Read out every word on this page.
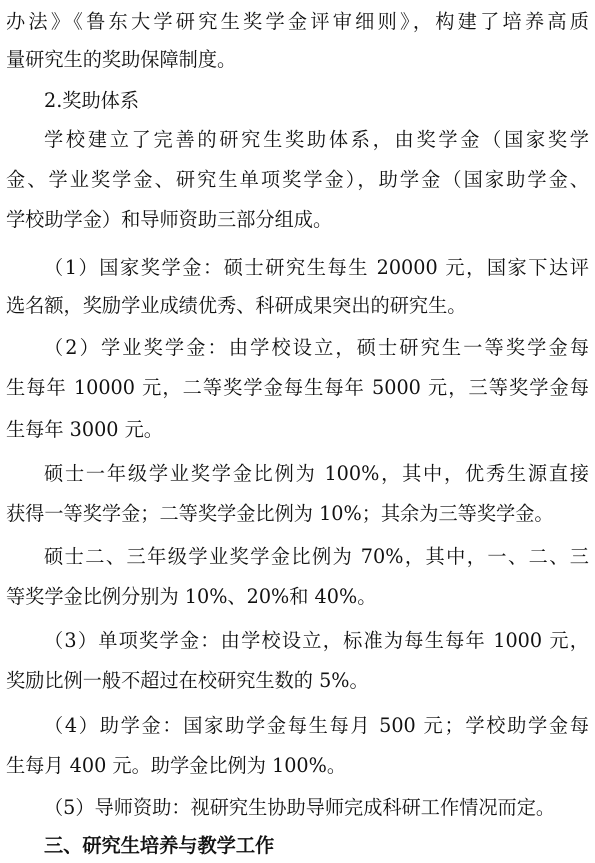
办法》《鲁东大学研究生奖学金评审细则》，构建了培养高质
量研究生的奖助保障制度。
2.奖助体系
学校建立了完善的研究生奖助体系，由奖学金（国家奖学
金、学业奖学金、研究生单项奖学金），助学金（国家助学金、
学校助学金）和导师资助三部分组成。
（1）国家奖学金：硕士研究生每生 20000 元，国家下达评
选名额，奖励学业成绩优秀、科研成果突出的研究生。
（2）学业奖学金：由学校设立，硕士研究生一等奖学金每
生每年 10000 元，二等奖学金每生每年 5000 元，三等奖学金每
生每年 3000 元。
硕士一年级学业奖学金比例为 100%，其中，优秀生源直接
获得一等奖学金；二等奖学金比例为 10%；其余为三等奖学金。
硕士二、三年级学业奖学金比例为 70%，其中，一、二、三
等奖学金比例分别为 10%、20%和 40%。
（3）单项奖学金：由学校设立，标准为每生每年 1000 元，
奖励比例一般不超过在校研究生数的 5%。
（4）助学金：国家助学金每生每月 500 元；学校助学金每
生每月 400 元。助学金比例为 100%。
（5）导师资助：视研究生协助导师完成科研工作情况而定。
三、研究生培养与教学工作
